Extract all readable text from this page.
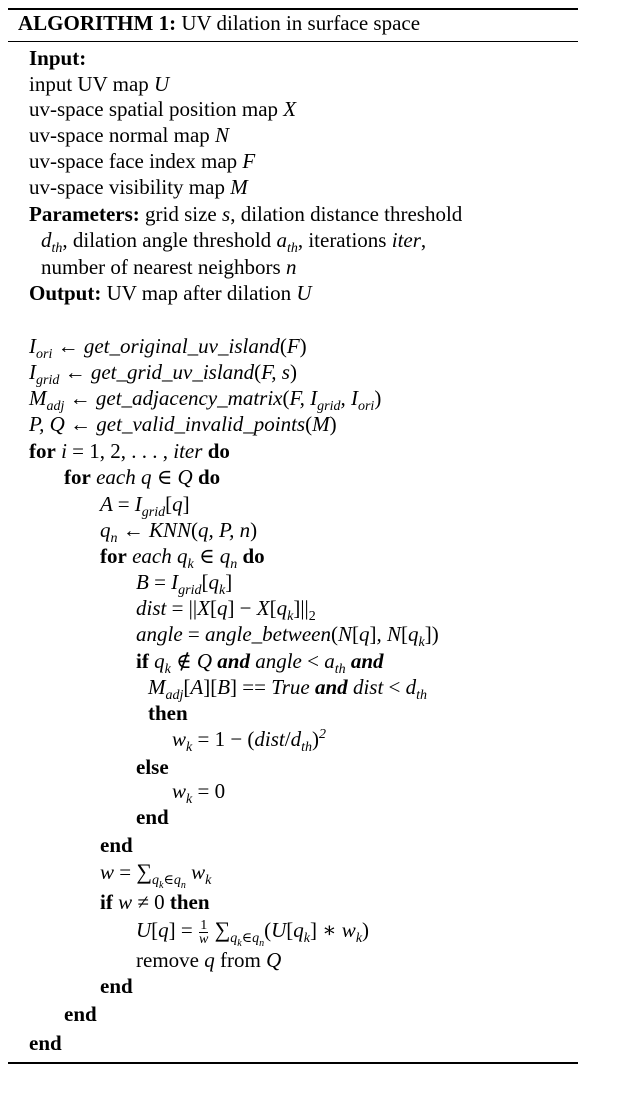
ALGORITHM 1: UV dilation in surface space
Input:
input UV map U
uv-space spatial position map X
uv-space normal map N
uv-space face index map F
uv-space visibility map M
Parameters: grid size s, dilation distance threshold
$d_{th}$, dilation angle threshold $a_{th}$, iterations iter,
number of nearest neighbors n
Output: UV map after dilation U
$I_{ori}$ ← get_original_uv_island(F)
$I_{grid}$ ← get_grid_uv_island(F, s)
$M_{adj}$ ← get_adjacency_matrix(F, $I_{grid}$, $I_{ori}$)
P, Q ← get_valid_invalid_points(M)
for i = 1, 2, . . . , iter do
for each q ∈ Q do
$A = I_{grid}[q]$
$q_n$ ← KNN(q, P, n)
for each $q_k$ ∈ $q_n$ do
$B = I_{grid}[q_k]$
dist = $||X[q] - X[q_k]||_2$
angle = angle_between(N[q], $N[q_k]$)
if $q_k$ ∉ Q and angle < $a_{th}$ and
$M_{adj}[A][B]$ == True and dist < $d_{th}$
then
$w_k = 1$ − $(dist/d_{th})^2$
else
$w_k = 0$
end
end
$w = \sum_{q_k\in q_n}$ $w_k$
if w ≠ 0 then
$U[q] = \frac{1}{w} \sum_{q_k\in q_n}(U[q_k]$ ∗ $w_k$)
remove q from Q
end
end
end
